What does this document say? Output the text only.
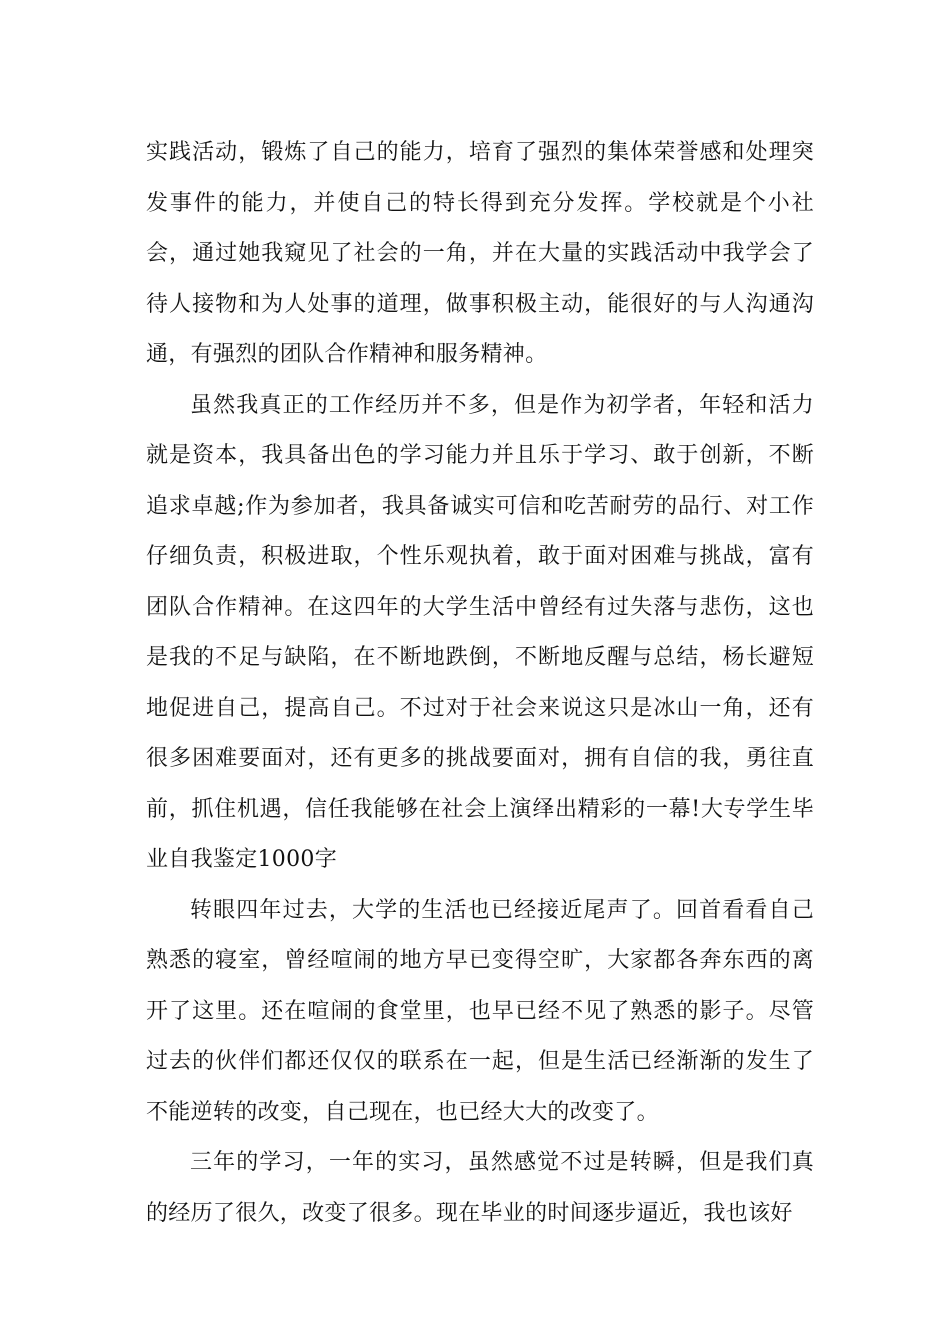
实践活动，锻炼了自己的能力，培育了强烈的集体荣誉感和处理突发事件的能力，并使自己的特长得到充分发挥。学校就是个小社会，通过她我窥见了社会的一角，并在大量的实践活动中我学会了待人接物和为人处事的道理，做事积极主动，能很好的与人沟通沟通，有强烈的团队合作精神和服务精神。

虽然我真正的工作经历并不多，但是作为初学者，年轻和活力就是资本，我具备出色的学习能力并且乐于学习、敢于创新，不断追求卓越;作为参加者，我具备诚实可信和吃苦耐劳的品行、对工作仔细负责，积极进取，个性乐观执着，敢于面对困难与挑战，富有团队合作精神。在这四年的大学生活中曾经有过失落与悲伤，这也是我的不足与缺陷，在不断地跌倒，不断地反醒与总结，杨长避短地促进自己，提高自己。不过对于社会来说这只是冰山一角，还有很多困难要面对，还有更多的挑战要面对，拥有自信的我，勇往直前，抓住机遇，信任我能够在社会上演绎出精彩的一幕!大专学生毕业自我鉴定1000字

转眼四年过去，大学的生活也已经接近尾声了。回首看看自己熟悉的寝室，曾经喧闹的地方早已变得空旷，大家都各奔东西的离开了这里。还在喧闹的食堂里，也早已经不见了熟悉的影子。尽管过去的伙伴们都还仅仅的联系在一起，但是生活已经渐渐的发生了不能逆转的改变，自己现在，也已经大大的改变了。

三年的学习，一年的实习，虽然感觉不过是转瞬，但是我们真的经历了很久，改变了很多。现在毕业的时间逐步逼近，我也该好
